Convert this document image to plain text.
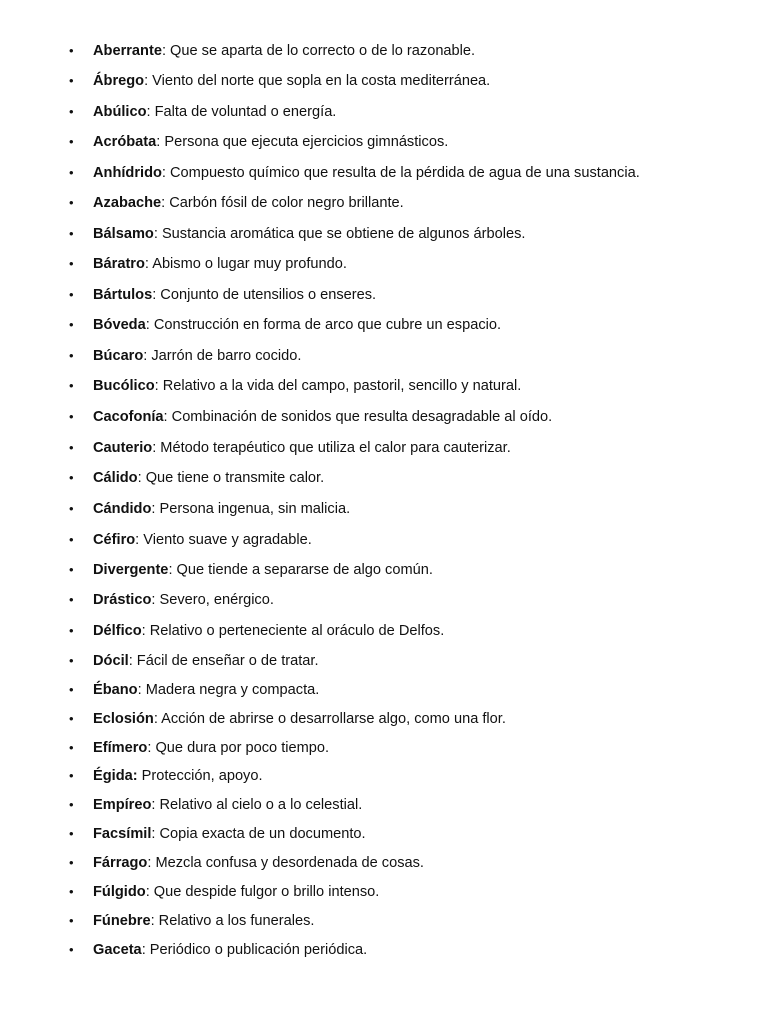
• Aberrante: Que se aparta de lo correcto o de lo razonable.
• Ábrego: Viento del norte que sopla en la costa mediterránea.
• Abúlico: Falta de voluntad o energía.
• Acróbata: Persona que ejecuta ejercicios gimnásticos.
• Anhídrido: Compuesto químico que resulta de la pérdida de agua de una sustancia.
• Azabache: Carbón fósil de color negro brillante.
• Bálsamo: Sustancia aromática que se obtiene de algunos árboles.
• Báratro: Abismo o lugar muy profundo.
• Bártulos: Conjunto de utensilios o enseres.
• Bóveda: Construcción en forma de arco que cubre un espacio.
• Búcaro: Jarrón de barro cocido.
• Bucólico: Relativo a la vida del campo, pastoril, sencillo y natural.
• Cacofonía: Combinación de sonidos que resulta desagradable al oído.
• Cauterio: Método terapéutico que utiliza el calor para cauterizar.
• Cálido: Que tiene o transmite calor.
• Cándido: Persona ingenua, sin malicia.
• Céfiro: Viento suave y agradable.
• Divergente: Que tiende a separarse de algo común.
• Drástico: Severo, enérgico.
• Délfico: Relativo o perteneciente al oráculo de Delfos.
• Dócil: Fácil de enseñar o de tratar.
• Ébano: Madera negra y compacta.
• Eclosión: Acción de abrirse o desarrollarse algo, como una flor.
• Efímero: Que dura por poco tiempo.
• Égida: Protección, apoyo.
• Empíreo: Relativo al cielo o a lo celestial.
• Facsímil: Copia exacta de un documento.
• Fárrago: Mezcla confusa y desordenada de cosas.
• Fúlgido: Que despide fulgor o brillo intenso.
• Fúnebre: Relativo a los funerales.
• Gaceta: Periódico o publicación periódica.
